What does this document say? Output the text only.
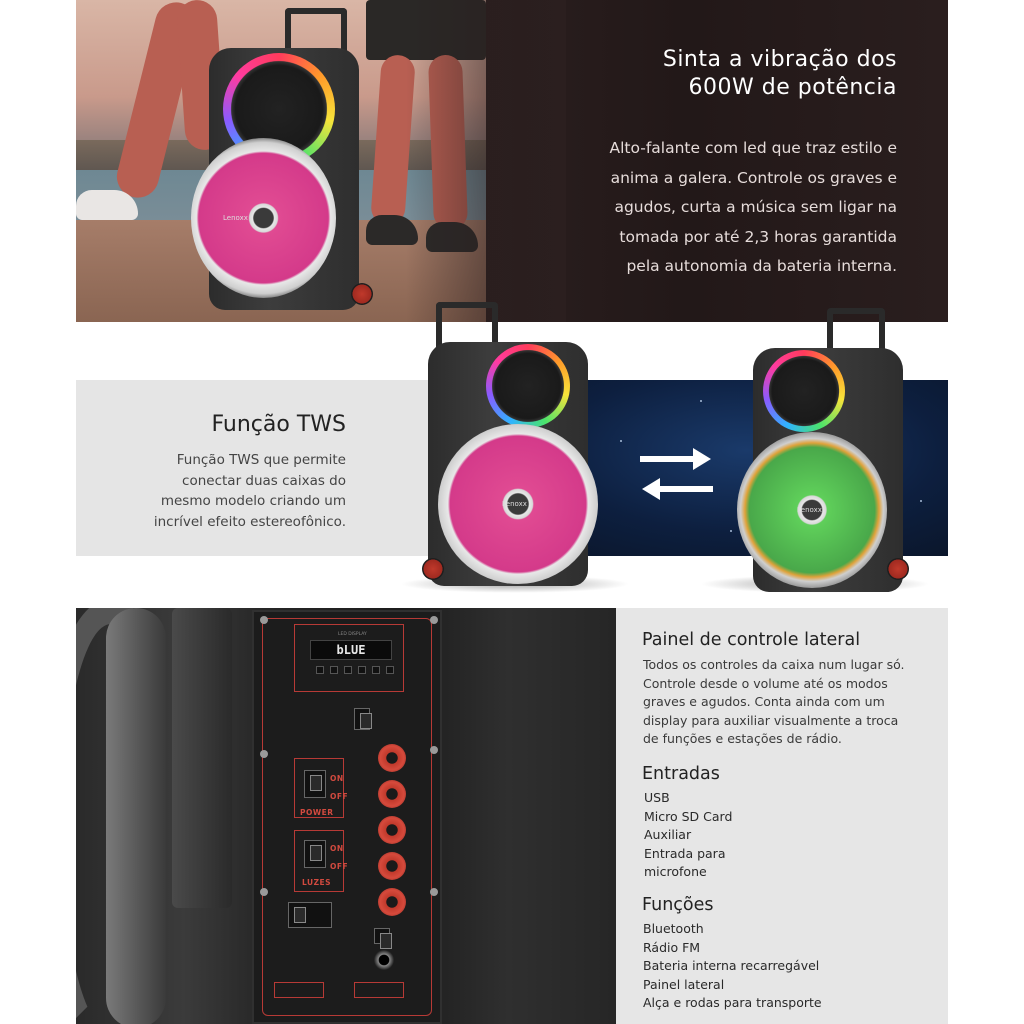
Lenoxx
Sinta a vibração dos
600W de potência
Alto-falante com led que traz estilo e
anima a galera. Controle os graves e
agudos, curta a música sem ligar na
tomada por até 2,3 horas garantida
pela autonomia da bateria interna.
Função TWS
Função TWS que permite
conectar duas caixas do
mesmo modelo criando um
incrível efeito estereofônico.
Lenoxx
Lenoxx
LED DISPLAY
bLUE
ON
OFF
POWER
ON
OFF
LUZES
Painel de controle lateral
Todos os controles da caixa num lugar só.
Controle desde o volume até os modos
graves e agudos. Conta ainda com um
display para auxiliar visualmente a troca
de funções e estações de rádio.
Entradas
USB
Micro SD Card
Auxiliar
Entrada para
microfone
Funções
Bluetooth
Rádio FM
Bateria interna recarregável
Painel lateral
Alça e rodas para transporte
